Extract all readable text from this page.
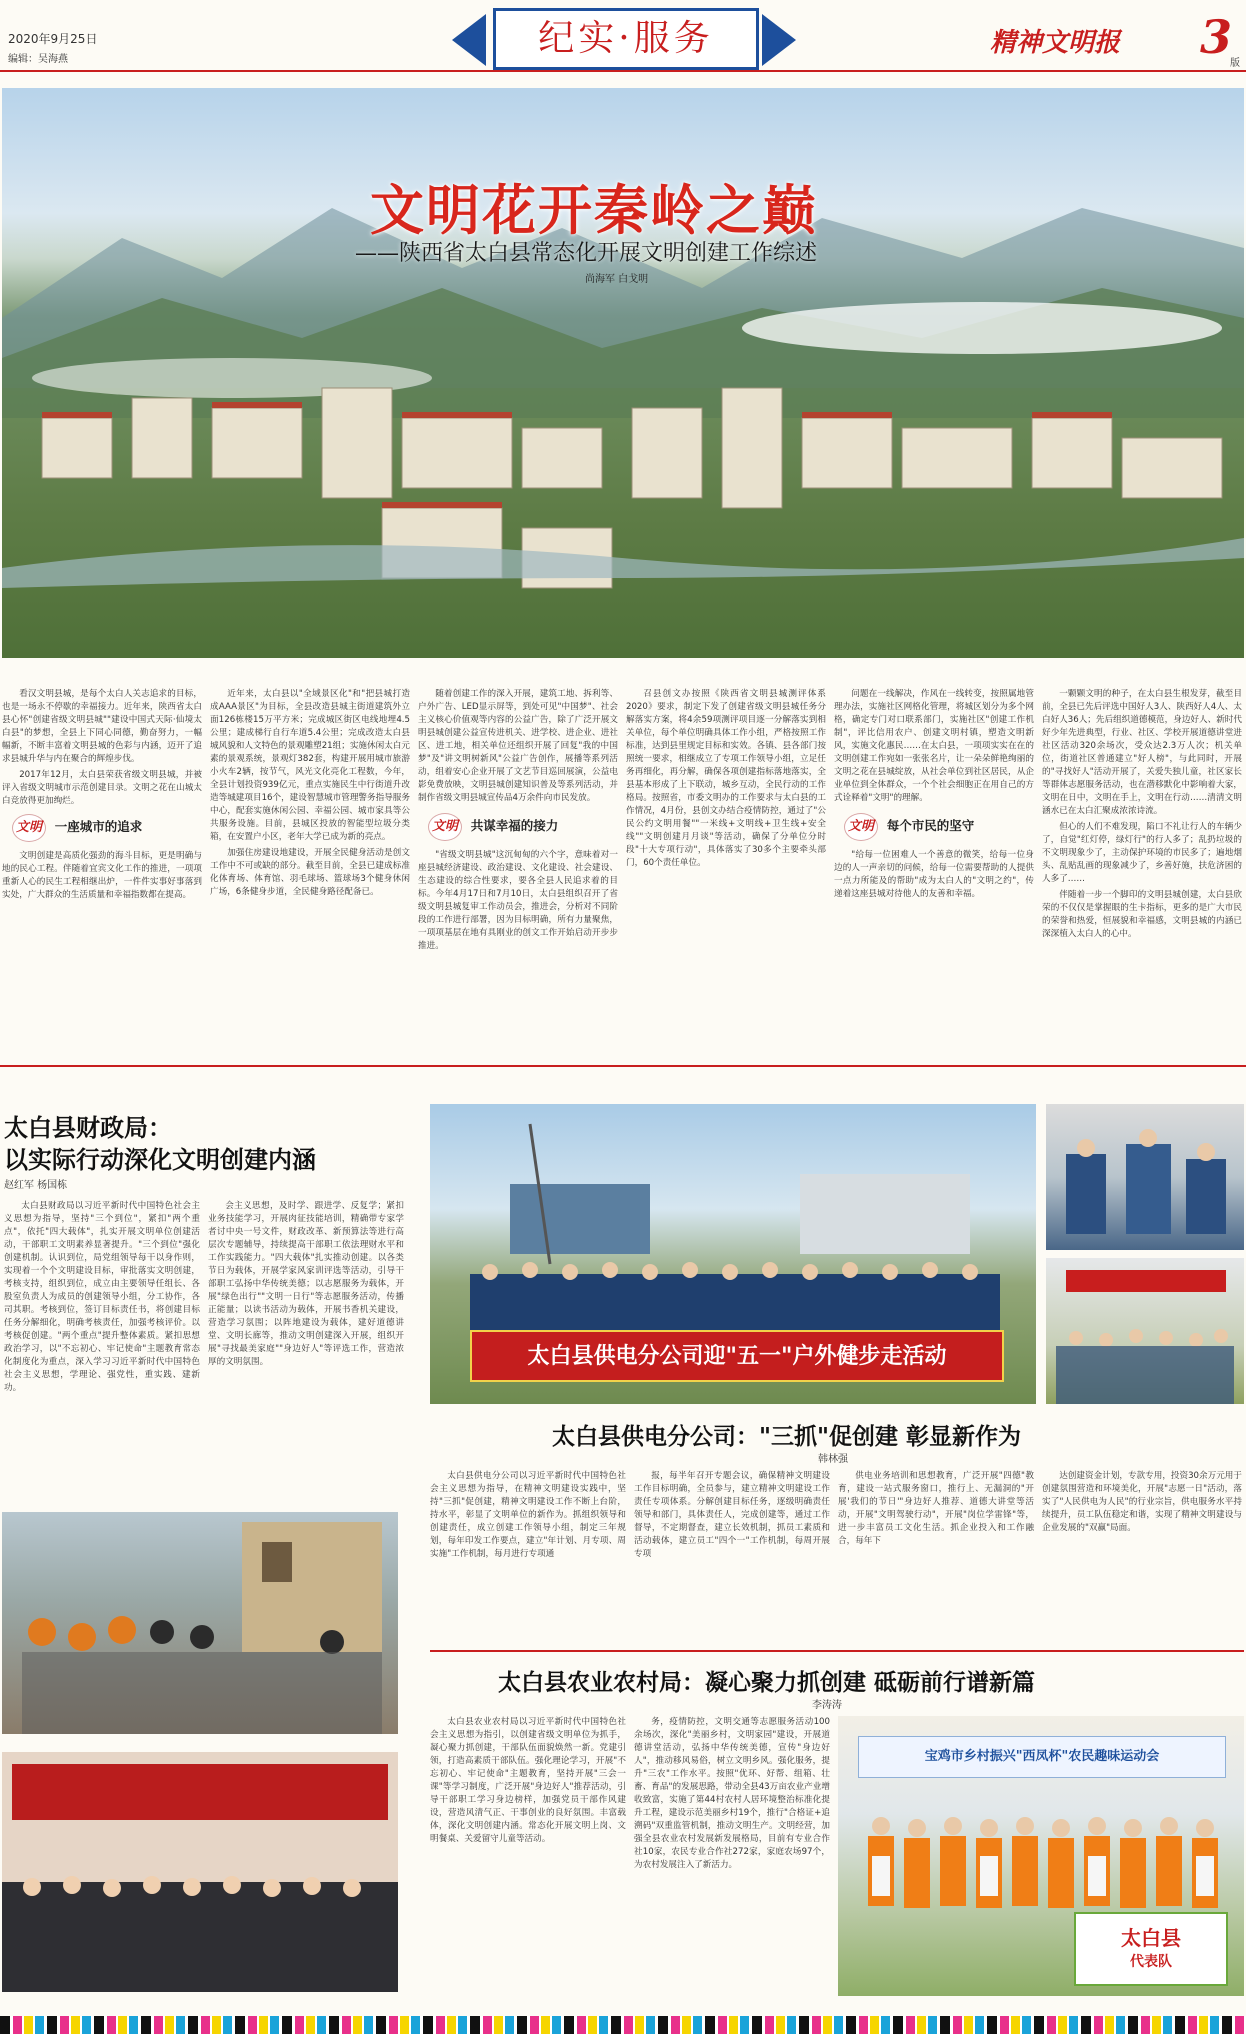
2020年9月25日
编辑：吴海燕
纪实·服务	精神文明报 3
版
文明花开秦岭之巅
——陕西省太白县常态化开展文明创建工作综述
尚海军 白戈明

看汉文明县城，是每个太白人关志追求的目标，也是一场永不停歇的幸福接力。近年来，陕西省太白县心怀"创建省级文明县城""建设中国式天际·仙境太白县"的梦想，全县上下同心同德，勤奋努力，一幅幅新，不断丰富着文明县城的色彩与内涵，迈开了追求县城升华与内在聚合的辉煌步伐。

2017年12月，太白县荣获省级文明县城，并被评入省级文明城市示范创建目录。文明之花在山城太白竞放得更加绚烂。

文明 一座城市的追求

文明创建是高质化强劲的海斗目标，更是明确与地的民心工程。伴随着宜宾文化工作的推进，一项项重新人心的民生工程相继出炉，一件件实事好事落到实处，广大群众的生活质量和幸福指数都在提高。

近年来，太白县以"全域景区化"和"把县城打造成AAA景区"为目标，全县改造县城主街道建筑外立面126栋楼15万平方米；完成城区街区电线地埋4.5公里；建成梯行自行车道5.4公里；完成改造太白县城风貌和人文特色的景观雕塑21组；实施休闲太白元素的景观系统，景观灯382套，构建开展用城市旅游小火车2辆，按节气，风光文化亮化工程数，今年，全县计划投资939亿元，重点实施民生中行街道升改造等城建项目16个，建设智慧城市管理警务指导服务中心，配套实施休闲公园、幸福公园、城市家具等公共服务设施。目前，县城区投放的智能型垃圾分类箱，在安置户小区，老年大学已成为新的亮点。

加强住房建设地建设，开展全民健身活动是创文工作中不可或缺的部分。截至目前，全县已建成标准化体育场、体育馆、羽毛球场、篮球场3个健身休闲广场，6条健身步道，全民健身路径配备已。

随着创建工作的深入开展，建筑工地、拆利等、户外广告、LED显示屏等，到处可见"中国梦"、社会主义核心价值观等内容的公益广告，除了广泛开展文明县城创建公益宣传进机关、进学校、进企业、进社区、进工地，相关单位还组织开展了回复"我的中国梦"及"讲文明树新风"公益广告创作，展播等系列活动，组着安心企业开展了文艺节目巡回展演，公益电影免费放映，文明县城创建知识普及等系列活动，并制作省级文明县城宣传品4万余件向市民发放。

文明 共谋幸福的接力

"省级文明县城"这沉甸甸的六个字，意味着对一座县城经济建设、政治建设、文化建设、社会建设、生态建设的综合性要求，要各全县人民追求着的目标。今年4月17日和7月10日，太白县组织召开了省级文明县城复审工作动员会，推进会，分析对不同阶段的工作进行部署，因为目标明确，所有力量聚焦，一项项基层在地有具刚业的创文工作开始启动开步步推进。

召县创文办按照《陕西省文明县城测评体系2020》要求，制定下发了创建省级文明县城任务分解落实方案，将4余59项测评项目逐一分解落实到相关单位，每个单位明确具体工作小组，严格按照工作标准，达到县里规定目标和实效。各镇、县各部门按照统一要求，相继成立了专项工作领导小组，立足任务再细化，再分解，确保各项创建指标落地落实，全县基本形成了上下联动，城乡互动，全民行动的工作格局。按照省，市委文明办的工作要求与太白县的工作情况，4月份，县创文办结合疫情防控，通过了"公民公约文明用餐""一米线+文明线+卫生线+安全线""文明创建月月谈"等活动，确保了分单位分时段"十大专项行动"，具体落实了30多个主要牵头部门，60个责任单位。

问题在一线解决，作风在一线转变，按照属地管理办法，实施社区网格化管理，将城区划分为多个网格，确定专门对口联系部门，实施社区"创建工作机制"，评比信用农户、创建文明村镇，塑造文明新风，实施文化惠民……在太白县，一项项实实在在的文明创建工作宛如一张张名片，让一朵朵鲜艳绚丽的文明之花在县城绽放，从社会单位到社区居民，从企业单位到全体群众，一个个社会细胞正在用自己的方式诠释着"文明"的理解。

文明 每个市民的坚守

"给每一位困难人一个善意的微笑，给每一位身边的人一声亲切的问候，给每一位需要帮助的人提供一点力所能及的帮助"成为太白人的"文明之约"，传递着这座县城对待他人的友善和幸福。

一颗颗文明的种子，在太白县生根发芽，截至目前，全县已先后评选中国好人3人、陕西好人4人、太白好人36人；先后组织道德模范，身边好人、新时代好少年先进典型，行业、社区、学校开展道德讲堂进社区活动320余场次，受众达2.3万人次；机关单位，街道社区普通建立"好人榜"，与此同时，开展的"寻找好人"活动开展了，关爱失独儿童，社区家长等群体志愿服务活动，也在潜移默化中影响着大家，文明在日中，文明在手上，文明在行动……清清文明涵水已在太白汇聚成浓浓诗流。

但心的人们不难发现，陷口不礼让行人的车辆少了，自觉"红灯停，绿灯行"的行人多了；乱扔垃圾的不文明现象少了，主动保护环境的市民多了；遍地烟头、乱贴乱画的现象减少了，乡善好施，扶危济困的人多了……

伴随着一步一个脚印的文明县城创建，太白县欣荣的不仅仅是掌握眼的生卡指标，更多的是广大市民的荣誉和热爱，恒展貌和幸福感，文明县城的内涵已深深植入太白人的心中。

太白县财政局：
以实际行动深化文明创建内涵
赵红军 杨国栋

太白县财政局以习近平新时代中国特色社会主义思想为指导，坚持"三个到位"，紧扣"两个重点"，依托"四大载体"，扎实开展文明单位创建活动，干部职工文明素养显著提升。"三个到位"强化创建机制。认识到位，局党组领导每干以身作则，实现着一个个文明建设目标，审批落实文明创建，考核支持，组织到位，成立由主要领导任组长、各股室负责人为成员的创建领导小组，分工协作，各司其职。考核到位，签订目标责任书，将创建目标任务分解细化，明确考核责任，加强考核评价。以考核促创建。"两个重点"提升整体素质。紧扣思想政治学习，以"不忘初心、牢记使命"主题教育常态化制度化为重点，深入学习习近平新时代中国特色社会主义思想，学理论、强党性，重实践、建新功。

会主义思想，及时学、跟进学、反复学；紧扣业务技能学习，开展肉征技能培训，精确带专家学者讨中央一号文件，财政改革、新预算法等进行高层次专题辅导，持续提高干部职工依法理财水平和工作实践能力。"四大载体"扎实推动创建。以各类节日为载体，开展学家风家训评选等活动，引导干部职工弘扬中华传统美德；以志愿服务为载体，开展"绿色出行""文明一日行"等志愿服务活动，传播正能量；以读书活动为载体，开展书香机关建设，营造学习氛围；以阵地建设为载体，建好道德讲堂、文明长廊等，推动文明创建深入开展，组织开展"寻找最美家庭""身边好人"等评选工作，营造浓厚的文明氛围。	太白县供电分公司迎"五一"户外健步走活动
太白县供电分公司："三抓"促创建 彰显新作为
韩林强

太白县供电分公司以习近平新时代中国特色社会主义思想为指导，在精神文明建设实践中，坚持"三抓"促创建，精神文明建设工作不断上台阶，持水平，彰显了文明单位的新作为。抓组织领导和创建责任，成立创建工作领导小组，制定三年规划，每年印发工作要点，建立"年计划、月专项、周实施"工作机制，每月进行专项通

报，每半年召开专题会议，确保精神文明建设工作目标明确，全员参与，建立精神文明建设工作责任专项体系。分解创建目标任务，逐级明确责任领导和部门，具体责任人，完成创建等，通过工作督导，不定期督查，建立长效机制，抓员工素质和活动载体，建立员工"四个一"工作机制，每周开展专项

供电业务培训和思想教育，广泛开展"四德"教育，建设一站式服务窗口，推行上、无漏洞的"开展'我们的节日'"身边好人推荐、道德大讲堂等活动，开展"文明驾驶行动"，开展"岗位学雷锋"等，进一步丰富员工文化生活。抓企业投入和工作融合，每年下

达创建资金计划，专款专用，投资30余万元用于创建氛围营造和环境美化，开展"志愿一日"活动，落实了"人民供电为人民"的行业宗旨，供电服务水平持续提升，员工队伍稳定和谐，实现了精神文明建设与企业发展的"双赢"局面。

太白县农业农村局：凝心聚力抓创建 砥砺前行谱新篇
李涛涛

太白县农业农村局以习近平新时代中国特色社会主义思想为指引，以创建省级文明单位为抓手，凝心聚力抓创建，干部队伍面貌焕然一新。党建引领，打造高素质干部队伍。强化理论学习，开展"不忘初心、牢记使命"主题教育，坚持开展"三会一课"等学习制度，广泛开展"身边好人"推荐活动，引导干部职工学习身边榜样，加强党员干部作风建设，营造风清气正、干事创业的良好氛围。丰富载体，深化文明创建内涵。常态化开展文明上岗、文明餐桌、关爱留守儿童等活动。

务，疫情防控，文明交通等志愿服务活动100余场次，深化"美丽乡村，文明家园"建设，开展道德讲堂活动，弘扬中华传统美德，宣传"身边好人"，推动移风易俗，树立文明乡风。强化服务，提升"三农"工作水平。按照"优环、好帮、组箱、壮畜、育品"的发展思路，带动全县43万亩农业产业增收致富，实施了第44村农村人居环境整治标准化提升工程，建设示范美丽乡村19个，推行"合格证+追溯码"双重监管机制，推动文明生产。文明经营，加强全县农业农村发展新发展格局，目前有专业合作社10家，农民专业合作社272家，家庭农场97个，为农村发展注入了新活力。

宝鸡市乡村振兴"西凤杯"农民趣味运动会
太白县
代表队
